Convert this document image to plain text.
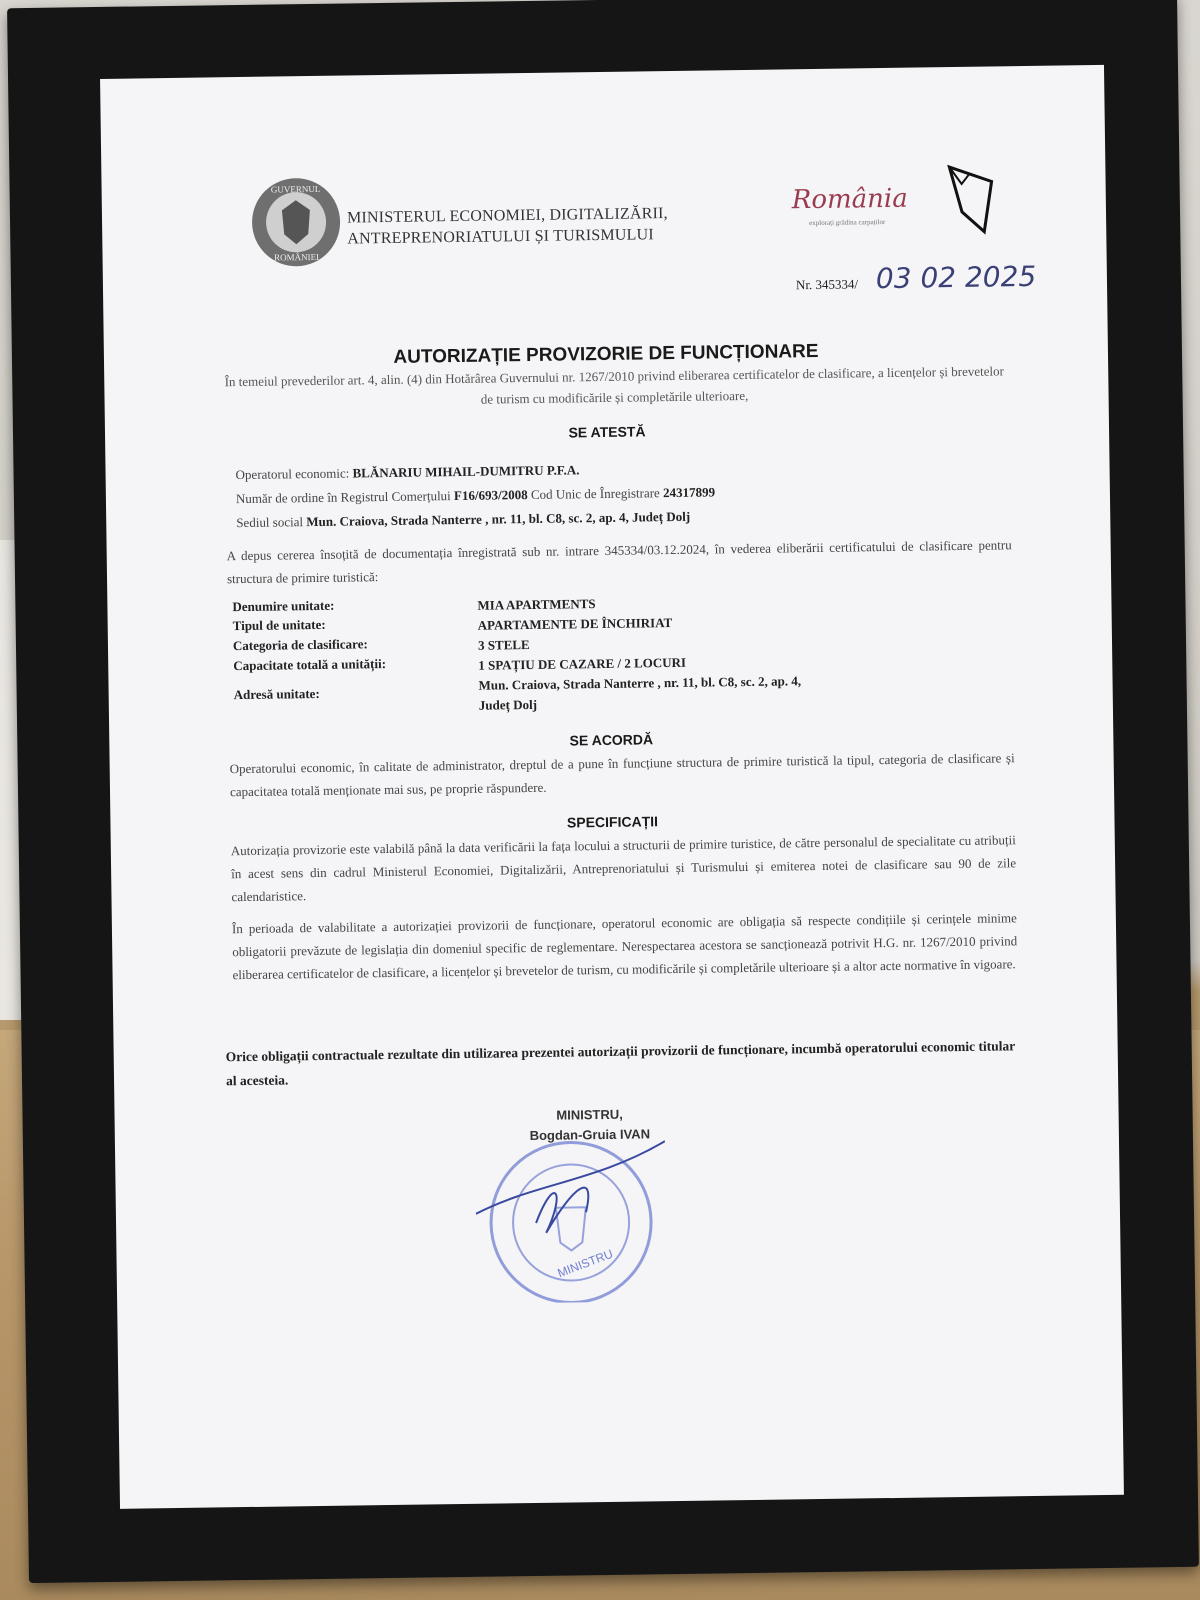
GUVERNUL
ROMÂNIEI
MINISTERUL ECONOMIEI, DIGITALIZĂRII,
ANTREPRENORIATULUI ȘI TURISMULUI
România
explorați grădina carpaților
Nr. 345334/ 03 02 2025
AUTORIZAȚIE PROVIZORIE DE FUNCȚIONARE
În temeiul prevederilor art. 4, alin. (4) din Hotărârea Guvernului nr. 1267/2010 privind eliberarea certificatelor de clasificare, a licențelor și brevetelor de turism cu modificările și completările ulterioare,
SE ATESTĂ
Operatorul economic: BLĂNARIU MIHAIL-DUMITRU P.F.A.
Număr de ordine în Registrul Comerțului F16/693/2008 Cod Unic de Înregistrare 24317899
Sediul social Mun. Craiova, Strada Nanterre , nr. 11, bl. C8, sc. 2, ap. 4, Județ Dolj
A depus cererea însoțită de documentația înregistrată sub nr. intrare 345334/03.12.2024, în vederea eliberării certificatului de clasificare pentru structura de primire turistică:
Denumire unitate:	MIA APARTMENTS
Tipul de unitate:	APARTAMENTE DE ÎNCHIRIAT
Categoria de clasificare:	3 STELE
Capacitate totală a unității:	1 SPAȚIU DE CAZARE / 2 LOCURI
Adresă unitate:
Mun. Craiova, Strada Nanterre , nr. 11, bl. C8, sc. 2, ap. 4,
Județ Dolj
SE ACORDĂ
Operatorului economic, în calitate de administrator, dreptul de a pune în funcțiune structura de primire turistică la tipul, categoria de clasificare și capacitatea totală menționate mai sus, pe proprie răspundere.
SPECIFICAȚII
Autorizația provizorie este valabilă până la data verificării la fața locului a structurii de primire turistice, de către personalul de specialitate cu atribuții în acest sens din cadrul Ministerul Economiei, Digitalizării, Antreprenoriatului și Turismului și emiterea notei de clasificare sau 90 de zile calendaristice.
În perioada de valabilitate a autorizației provizorii de funcționare, operatorul economic are obligația să respecte condițiile și cerințele minime obligatorii prevăzute de legislația din domeniul specific de reglementare. Nerespectarea acestora se sancționează potrivit H.G. nr. 1267/2010 privind eliberarea certificatelor de clasificare, a licențelor și brevetelor de turism, cu modificările și completările ulterioare și a altor acte normative în vigoare.
Orice obligații contractuale rezultate din utilizarea prezentei autorizații provizorii de funcționare, incumbă operatorului economic titular al acesteia.
MINISTRU,
Bogdan-Gruia IVAN
MINISTRU
